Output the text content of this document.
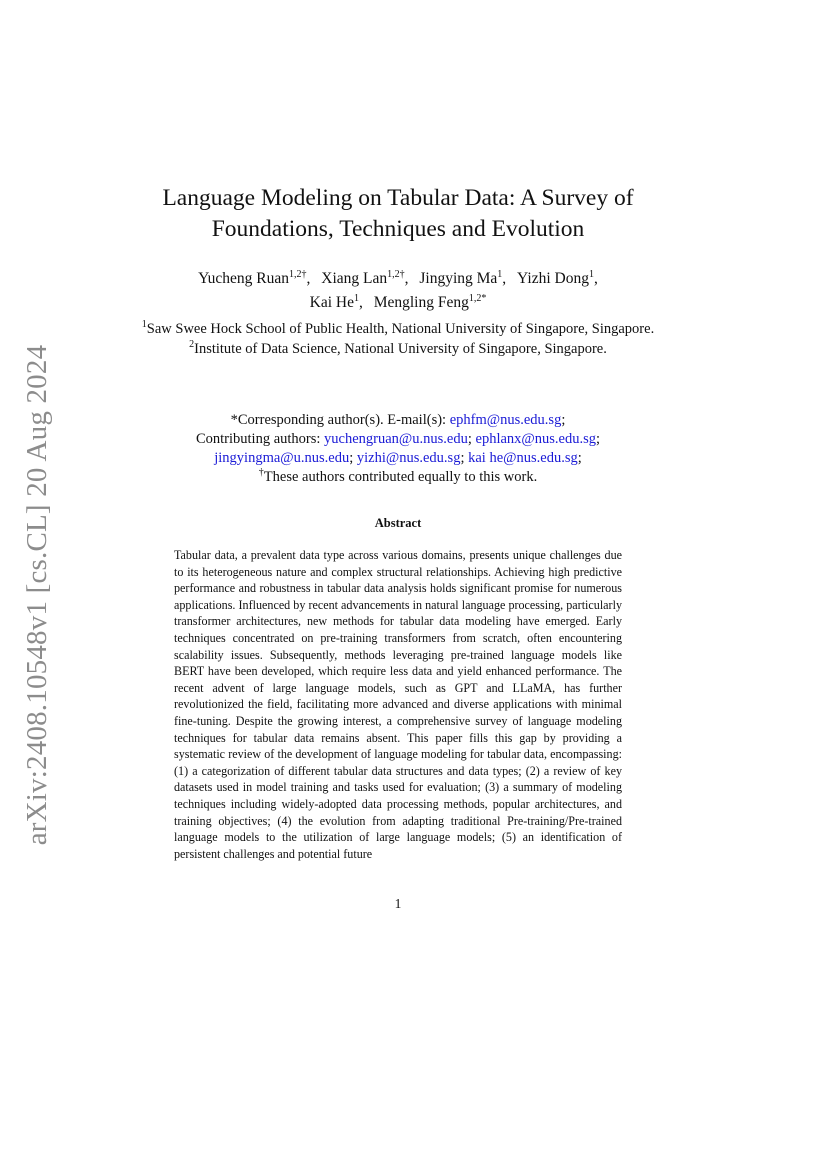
arXiv:2408.10548v1 [cs.CL] 20 Aug 2024
Language Modeling on Tabular Data: A Survey of
Foundations, Techniques and Evolution
Yucheng Ruan$^{1,2\dagger}$, Xiang Lan$^{1,2\dagger}$, Jingying Ma$^1$, Yizhi Dong$^1$,
Kai He$^1$, Mengling Feng$^{1,2*}$
$^1$Saw Swee Hock School of Public Health, National University of Singapore, Singapore.
$^2$Institute of Data Science, National University of Singapore, Singapore.
*Corresponding author(s). E-mail(s): ephfm@nus.edu.sg;
Contributing authors: yuchengruan@u.nus.edu; ephlanx@nus.edu.sg;
jingyingma@u.nus.edu; yizhi@nus.edu.sg; kai he@nus.edu.sg;
†These authors contributed equally to this work.
Abstract

Tabular data, a prevalent data type across various domains, presents unique challenges due to its heterogeneous nature and complex structural relationships. Achieving high predictive performance and robustness in tabular data analysis holds significant promise for numerous applications. Influenced by recent advancements in natural language processing, particularly transformer architectures, new methods for tabular data modeling have emerged. Early techniques concentrated on pre-training transformers from scratch, often encountering scalability issues. Subsequently, methods leveraging pre-trained language models like BERT have been developed, which require less data and yield enhanced performance. The recent advent of large language models, such as GPT and LLaMA, has further revolutionized the field, facilitating more advanced and diverse applications with minimal fine-tuning. Despite the growing interest, a comprehensive survey of language modeling techniques for tabular data remains absent. This paper fills this gap by providing a systematic review of the development of language modeling for tabular data, encompassing: (1) a categorization of different tabular data structures and data types; (2) a review of key datasets used in model training and tasks used for evaluation; (3) a summary of modeling techniques including widely-adopted data processing methods, popular architectures, and training objectives; (4) the evolution from adapting traditional Pre-training/Pre-trained language models to the utilization of large language models; (5) an identification of persistent challenges and potential future

1
